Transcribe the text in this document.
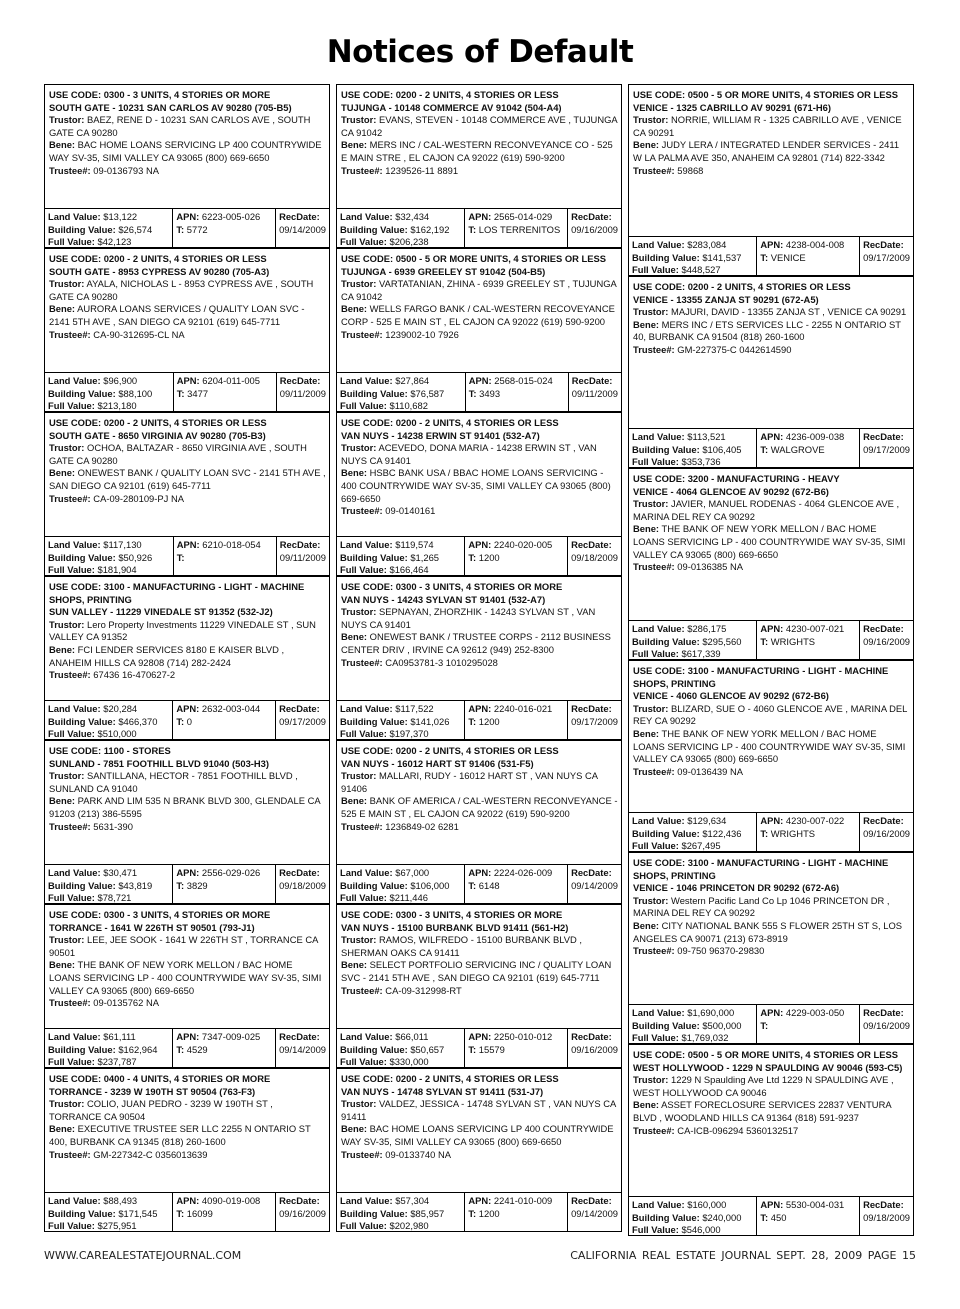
Notices of Default
USE CODE: 0300 - 3 UNITS, 4 STORIES OR MORE
SOUTH GATE - 10231 SAN CARLOS AV 90280 (705-B5)
Trustor: BAEZ, RENE D - 10231 SAN CARLOS AVE , SOUTH GATE CA 90280
Bene: BAC HOME LOANS SERVICING LP 400 COUNTRYWIDE WAY SV-35, SIMI VALLEY CA 93065 (800) 669-6650
Trustee#: 09-0136793 NA
Land Value: $13,122
Building Value: $26,574
Full Value: $42,123
APN: 6223-005-026
T: 5772
RecDate:
09/14/2009
USE CODE: 0200 - 2 UNITS, 4 STORIES OR LESS
SOUTH GATE - 8953 CYPRESS AV 90280 (705-A3)
Trustor: AYALA, NICHOLAS L - 8953 CYPRESS AVE , SOUTH GATE CA 90280
Bene: AURORA LOANS SERVICES / QUALITY LOAN SVC - 2141 5TH AVE , SAN DIEGO CA 92101 (619) 645-7711
Trustee#: CA-90-312695-CL NA
Land Value: $96,900
Building Value: $88,100
Full Value: $213,180
APN: 6204-011-005
T: 3477
RecDate:
09/11/2009
USE CODE: 0200 - 2 UNITS, 4 STORIES OR LESS
SOUTH GATE - 8650 VIRGINIA AV 90280 (705-B3)
Trustor: OCHOA, BALTAZAR - 8650 VIRGINIA AVE , SOUTH GATE CA 90280
Bene: ONEWEST BANK / QUALITY LOAN SVC - 2141 5TH AVE , SAN DIEGO CA 92101 (619) 645-7711
Trustee#: CA-09-280109-PJ NA
Land Value: $117,130
Building Value: $50,926
Full Value: $181,904
APN: 6210-018-054
T:
RecDate:
09/11/2009
USE CODE: 3100 - MANUFACTURING - LIGHT - MACHINE SHOPS, PRINTING
SUN VALLEY - 11229 VINEDALE ST 91352 (532-J2)
Trustor: Lero Property Investments 11229 VINEDALE ST , SUN VALLEY CA 91352
Bene: FCI LENDER SERVICES 8180 E KAISER BLVD , ANAHEIM HILLS CA 92808 (714) 282-2424
Trustee#: 67436 16-470627-2
Land Value: $20,284
Building Value: $466,370
Full Value: $510,000
APN: 2632-003-044
T: 0
RecDate:
09/17/2009
USE CODE: 1100 - STORES
SUNLAND - 7851 FOOTHILL BLVD 91040 (503-H3)
Trustor: SANTILLANA, HECTOR - 7851 FOOTHILL BLVD , SUNLAND CA 91040
Bene: PARK AND LIM 535 N BRANK BLVD 300, GLENDALE CA 91203 (213) 386-5595
Trustee#: 5631-390
Land Value: $30,471
Building Value: $43,819
Full Value: $78,721
APN: 2556-029-026
T: 3829
RecDate:
09/18/2009
USE CODE: 0300 - 3 UNITS, 4 STORIES OR MORE
TORRANCE - 1641 W 226TH ST 90501 (793-J1)
Trustor: LEE, JEE SOOK - 1641 W 226TH ST , TORRANCE CA 90501
Bene: THE BANK OF NEW YORK MELLON / BAC HOME LOANS SERVICING LP - 400 COUNTRYWIDE WAY SV-35, SIMI VALLEY CA 93065 (800) 669-6650
Trustee#: 09-0135762 NA
Land Value: $61,111
Building Value: $162,964
Full Value: $237,787
APN: 7347-009-025
T: 4529
RecDate:
09/14/2009
USE CODE: 0400 - 4 UNITS, 4 STORIES OR MORE
TORRANCE - 3239 W 190TH ST 90504 (763-F3)
Trustor: COLIO, JUAN PEDRO - 3239 W 190TH ST , TORRANCE CA 90504
Bene: EXECUTIVE TRUSTEE SER LLC 2255 N ONTARIO ST 400, BURBANK CA 91345 (818) 260-1600
Trustee#: GM-227342-C 0356013639
Land Value: $88,493
Building Value: $171,545
Full Value: $275,951
APN: 4090-019-008
T: 16099
RecDate:
09/16/2009
USE CODE: 0200 - 2 UNITS, 4 STORIES OR LESS
TUJUNGA - 10148 COMMERCE AV 91042 (504-A4)
Trustor: EVANS, STEVEN - 10148 COMMERCE AVE , TUJUNGA CA 91042
Bene: MERS INC / CAL-WESTERN RECONVEYANCE CO - 525 E MAIN STRE , EL CAJON CA 92022 (619) 590-9200
Trustee#: 1239526-11 8891
Land Value: $32,434
Building Value: $162,192
Full Value: $206,238
APN: 2565-014-029
T: LOS TERRENITOS
RecDate:
09/16/2009
USE CODE: 0500 - 5 OR MORE UNITS, 4 STORIES OR LESS
TUJUNGA - 6939 GREELEY ST 91042 (504-B5)
Trustor: VARTATANIAN, ZHINA - 6939 GREELEY ST , TUJUNGA CA 91042
Bene: WELLS FARGO BANK / CAL-WESTERN RECOVEYANCE CORP - 525 E MAIN ST , EL CAJON CA 92022 (619) 590-9200
Trustee#: 1239002-10 7926
Land Value: $27,864
Building Value: $76,587
Full Value: $110,682
APN: 2568-015-024
T: 3493
RecDate:
09/11/2009
USE CODE: 0200 - 2 UNITS, 4 STORIES OR LESS
VAN NUYS - 14238 ERWIN ST 91401 (532-A7)
Trustor: ACEVEDO, DONA MARIA - 14238 ERWIN ST , VAN NUYS CA 91401
Bene: HSBC BANK USA / BBAC HOME LOANS SERVICING - 400 COUNTRYWIDE WAY SV-35, SIMI VALLEY CA 93065 (800) 669-6650
Trustee#: 09-0140161
Land Value: $119,574
Building Value: $1,265
Full Value: $166,464
APN: 2240-020-005
T: 1200
RecDate:
09/18/2009
USE CODE: 0300 - 3 UNITS, 4 STORIES OR MORE
VAN NUYS - 14243 SYLVAN ST 91401 (532-A7)
Trustor: SEPNAYAN, ZHORZHIK - 14243 SYLVAN ST , VAN NUYS CA 91401
Bene: ONEWEST BANK / TRUSTEE CORPS - 2112 BUSINESS CENTER DRIV , IRVINE CA 92612 (949) 252-8300
Trustee#: CA0953781-3 1010295028
Land Value: $117,522
Building Value: $141,026
Full Value: $197,370
APN: 2240-016-021
T: 1200
RecDate:
09/17/2009
USE CODE: 0200 - 2 UNITS, 4 STORIES OR LESS
VAN NUYS - 16012 HART ST 91406 (531-F5)
Trustor: MALLARI, RUDY - 16012 HART ST , VAN NUYS CA 91406
Bene: BANK OF AMERICA / CAL-WESTERN RECONVEYANCE - 525 E MAIN ST , EL CAJON CA 92022 (619) 590-9200
Trustee#: 1236849-02 6281
Land Value: $67,000
Building Value: $106,000
Full Value: $211,446
APN: 2224-026-009
T: 6148
RecDate:
09/14/2009
USE CODE: 0300 - 3 UNITS, 4 STORIES OR MORE
VAN NUYS - 15100 BURBANK BLVD 91411 (561-H2)
Trustor: RAMOS, WILFREDO - 15100 BURBANK BLVD , SHERMAN OAKS CA 91411
Bene: SELECT PORTFOLIO SERVICING INC / QUALITY LOAN SVC - 2141 5TH AVE , SAN DIEGO CA 92101 (619) 645-7711
Trustee#: CA-09-312998-RT
Land Value: $66,011
Building Value: $50,657
Full Value: $330,000
APN: 2250-010-012
T: 15579
RecDate:
09/16/2009
USE CODE: 0200 - 2 UNITS, 4 STORIES OR LESS
VAN NUYS - 14748 SYLVAN ST 91411 (531-J7)
Trustor: VALDEZ, JESSICA - 14748 SYLVAN ST , VAN NUYS CA 91411
Bene: BAC HOME LOANS SERVICING LP 400 COUNTRYWIDE WAY SV-35, SIMI VALLEY CA 93065 (800) 669-6650
Trustee#: 09-0133740 NA
Land Value: $57,304
Building Value: $85,957
Full Value: $202,980
APN: 2241-010-009
T: 1200
RecDate:
09/14/2009
USE CODE: 0500 - 5 OR MORE UNITS, 4 STORIES OR LESS
VENICE - 1325 CABRILLO AV 90291 (671-H6)
Trustor: NORRIE, WILLIAM R - 1325 CABRILLO AVE , VENICE CA 90291
Bene: JUDY LERA / INTEGRATED LENDER SERVICES - 2411 W LA PALMA AVE 350, ANAHEIM CA 92801 (714) 822-3342
Trustee#: 59868
Land Value: $283,084
Building Value: $141,537
Full Value: $448,527
APN: 4238-004-008
T: VENICE
RecDate:
09/17/2009
USE CODE: 0200 - 2 UNITS, 4 STORIES OR LESS
VENICE - 13355 ZANJA ST 90291 (672-A5)
Trustor: MAJURI, DAVID - 13355 ZANJA ST , VENICE CA 90291
Bene: MERS INC / ETS SERVICES LLC - 2255 N ONTARIO ST 40, BURBANK CA 91504 (818) 260-1600
Trustee#: GM-227375-C 0442614590
Land Value: $113,521
Building Value: $106,405
Full Value: $353,736
APN: 4236-009-038
T: WALGROVE
RecDate:
09/17/2009
USE CODE: 3200 - MANUFACTURING - HEAVY
VENICE - 4064 GLENCOE AV 90292 (672-B6)
Trustor: JAVIER, MANUEL RODENAS - 4064 GLENCOE AVE , MARINA DEL REY CA 90292
Bene: THE BANK OF NEW YORK MELLON / BAC HOME LOANS SERVICING LP - 400 COUNTRYWIDE WAY SV-35, SIMI VALLEY CA 93065 (800) 669-6650
Trustee#: 09-0136385 NA
Land Value: $286,175
Building Value: $295,560
Full Value: $617,339
APN: 4230-007-021
T: WRIGHTS
RecDate:
09/16/2009
USE CODE: 3100 - MANUFACTURING - LIGHT - MACHINE SHOPS, PRINTING
VENICE - 4060 GLENCOE AV 90292 (672-B6)
Trustor: BLIZARD, SUE O - 4060 GLENCOE AVE , MARINA DEL REY CA 90292
Bene: THE BANK OF NEW YORK MELLON / BAC HOME LOANS SERVICING LP - 400 COUNTRYWIDE WAY SV-35, SIMI VALLEY CA 93065 (800) 669-6650
Trustee#: 09-0136439 NA
Land Value: $129,634
Building Value: $122,436
Full Value: $267,495
APN: 4230-007-022
T: WRIGHTS
RecDate:
09/16/2009
USE CODE: 3100 - MANUFACTURING - LIGHT - MACHINE SHOPS, PRINTING
VENICE - 1046 PRINCETON DR 90292 (672-A6)
Trustor: Western Pacific Land Co Lp 1046 PRINCETON DR , MARINA DEL REY CA 90292
Bene: CITY NATIONAL BANK 555 S FLOWER 25TH ST S, LOS ANGELES CA 90071 (213) 673-8919
Trustee#: 09-750 96370-29830
Land Value: $1,690,000
Building Value: $500,000
Full Value: $1,769,032
APN: 4229-003-050
T:
RecDate:
09/16/2009
USE CODE: 0500 - 5 OR MORE UNITS, 4 STORIES OR LESS
WEST HOLLYWOOD - 1229 N SPAULDING AV 90046 (593-C5)
Trustor: 1229 N Spaulding Ave Ltd 1229 N SPAULDING AVE , WEST HOLLYWOOD CA 90046
Bene: ASSET FORECLOSURE SERVICES 22837 VENTURA BLVD , WOODLAND HILLS CA 91364 (818) 591-9237
Trustee#: CA-ICB-096294 5360132517
Land Value: $160,000
Building Value: $240,000
Full Value: $546,000
APN: 5530-004-031
T: 450
RecDate:
09/18/2009
WWW.CAREALESTATEJOURNAL.COM	CALIFORNIA REAL ESTATE JOURNAL SEPT. 28, 2009 PAGE 15
